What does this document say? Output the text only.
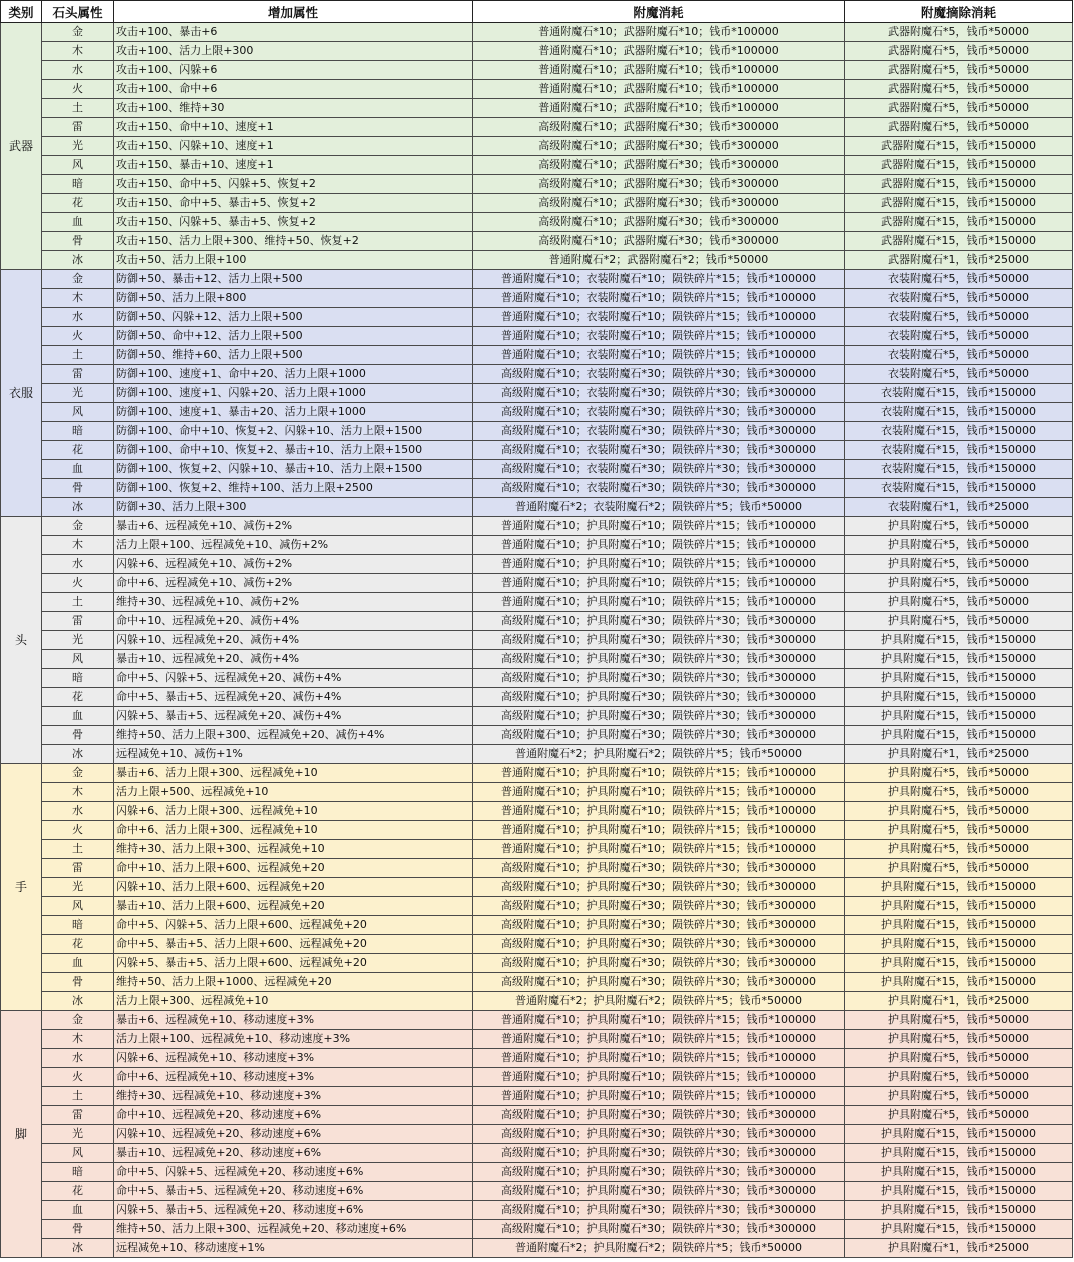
类别	石头属性	增加属性	附魔消耗	附魔摘除消耗
武器	金	攻击+100、暴击+6	普通附魔石*10；武器附魔石*10；钱币*100000	武器附魔石*5，钱币*50000
	木	攻击+100、活力上限+300	普通附魔石*10；武器附魔石*10；钱币*100000	武器附魔石*5，钱币*50000
	水	攻击+100、闪躲+6	普通附魔石*10；武器附魔石*10；钱币*100000	武器附魔石*5，钱币*50000
	火	攻击+100、命中+6	普通附魔石*10；武器附魔石*10；钱币*100000	武器附魔石*5，钱币*50000
	土	攻击+100、维持+30	普通附魔石*10；武器附魔石*10；钱币*100000	武器附魔石*5，钱币*50000
	雷	攻击+150、命中+10、速度+1	高级附魔石*10；武器附魔石*30；钱币*300000	武器附魔石*5，钱币*50000
	光	攻击+150、闪躲+10、速度+1	高级附魔石*10；武器附魔石*30；钱币*300000	武器附魔石*15，钱币*150000
	风	攻击+150、暴击+10、速度+1	高级附魔石*10；武器附魔石*30；钱币*300000	武器附魔石*15，钱币*150000
	暗	攻击+150、命中+5、闪躲+5、恢复+2	高级附魔石*10；武器附魔石*30；钱币*300000	武器附魔石*15，钱币*150000
	花	攻击+150、命中+5、暴击+5、恢复+2	高级附魔石*10；武器附魔石*30；钱币*300000	武器附魔石*15，钱币*150000
	血	攻击+150、闪躲+5、暴击+5、恢复+2	高级附魔石*10；武器附魔石*30；钱币*300000	武器附魔石*15，钱币*150000
	骨	攻击+150、活力上限+300、维持+50、恢复+2	高级附魔石*10；武器附魔石*30；钱币*300000	武器附魔石*15，钱币*150000
	冰	攻击+50、活力上限+100	普通附魔石*2；武器附魔石*2；钱币*50000	武器附魔石*1，钱币*25000
衣服	金	防御+50、暴击+12、活力上限+500	普通附魔石*10；衣装附魔石*10；陨铁碎片*15；钱币*100000	衣装附魔石*5，钱币*50000
	木	防御+50、活力上限+800	普通附魔石*10；衣装附魔石*10；陨铁碎片*15；钱币*100000	衣装附魔石*5，钱币*50000
	水	防御+50、闪躲+12、活力上限+500	普通附魔石*10；衣装附魔石*10；陨铁碎片*15；钱币*100000	衣装附魔石*5，钱币*50000
	火	防御+50、命中+12、活力上限+500	普通附魔石*10；衣装附魔石*10；陨铁碎片*15；钱币*100000	衣装附魔石*5，钱币*50000
	土	防御+50、维持+60、活力上限+500	普通附魔石*10；衣装附魔石*10；陨铁碎片*15；钱币*100000	衣装附魔石*5，钱币*50000
	雷	防御+100、速度+1、命中+20、活力上限+1000	高级附魔石*10；衣装附魔石*30；陨铁碎片*30；钱币*300000	衣装附魔石*5，钱币*50000
	光	防御+100、速度+1、闪躲+20、活力上限+1000	高级附魔石*10；衣装附魔石*30；陨铁碎片*30；钱币*300000	衣装附魔石*15，钱币*150000
	风	防御+100、速度+1、暴击+20、活力上限+1000	高级附魔石*10；衣装附魔石*30；陨铁碎片*30；钱币*300000	衣装附魔石*15，钱币*150000
	暗	防御+100、命中+10、恢复+2、闪躲+10、活力上限+1500	高级附魔石*10；衣装附魔石*30；陨铁碎片*30；钱币*300000	衣装附魔石*15，钱币*150000
	花	防御+100、命中+10、恢复+2、暴击+10、活力上限+1500	高级附魔石*10；衣装附魔石*30；陨铁碎片*30；钱币*300000	衣装附魔石*15，钱币*150000
	血	防御+100、恢复+2、闪躲+10、暴击+10、活力上限+1500	高级附魔石*10；衣装附魔石*30；陨铁碎片*30；钱币*300000	衣装附魔石*15，钱币*150000
	骨	防御+100、恢复+2、维持+100、活力上限+2500	高级附魔石*10；衣装附魔石*30；陨铁碎片*30；钱币*300000	衣装附魔石*15，钱币*150000
	冰	防御+30、活力上限+300	普通附魔石*2；衣装附魔石*2；陨铁碎片*5；钱币*50000	衣装附魔石*1，钱币*25000
头	金	暴击+6、远程减免+10、减伤+2%	普通附魔石*10；护具附魔石*10；陨铁碎片*15；钱币*100000	护具附魔石*5，钱币*50000
	木	活力上限+100、远程减免+10、减伤+2%	普通附魔石*10；护具附魔石*10；陨铁碎片*15；钱币*100000	护具附魔石*5，钱币*50000
	水	闪躲+6、远程减免+10、减伤+2%	普通附魔石*10；护具附魔石*10；陨铁碎片*15；钱币*100000	护具附魔石*5，钱币*50000
	火	命中+6、远程减免+10、减伤+2%	普通附魔石*10；护具附魔石*10；陨铁碎片*15；钱币*100000	护具附魔石*5，钱币*50000
	土	维持+30、远程减免+10、减伤+2%	普通附魔石*10；护具附魔石*10；陨铁碎片*15；钱币*100000	护具附魔石*5，钱币*50000
	雷	命中+10、远程减免+20、减伤+4%	高级附魔石*10；护具附魔石*30；陨铁碎片*30；钱币*300000	护具附魔石*5，钱币*50000
	光	闪躲+10、远程减免+20、减伤+4%	高级附魔石*10；护具附魔石*30；陨铁碎片*30；钱币*300000	护具附魔石*15，钱币*150000
	风	暴击+10、远程减免+20、减伤+4%	高级附魔石*10；护具附魔石*30；陨铁碎片*30；钱币*300000	护具附魔石*15，钱币*150000
	暗	命中+5、闪躲+5、远程减免+20、减伤+4%	高级附魔石*10；护具附魔石*30；陨铁碎片*30；钱币*300000	护具附魔石*15，钱币*150000
	花	命中+5、暴击+5、远程减免+20、减伤+4%	高级附魔石*10；护具附魔石*30；陨铁碎片*30；钱币*300000	护具附魔石*15，钱币*150000
	血	闪躲+5、暴击+5、远程减免+20、减伤+4%	高级附魔石*10；护具附魔石*30；陨铁碎片*30；钱币*300000	护具附魔石*15，钱币*150000
	骨	维持+50、活力上限+300、远程减免+20、减伤+4%	高级附魔石*10；护具附魔石*30；陨铁碎片*30；钱币*300000	护具附魔石*15，钱币*150000
	冰	远程减免+10、减伤+1%	普通附魔石*2；护具附魔石*2；陨铁碎片*5；钱币*50000	护具附魔石*1，钱币*25000
手	金	暴击+6、活力上限+300、远程减免+10	普通附魔石*10；护具附魔石*10；陨铁碎片*15；钱币*100000	护具附魔石*5，钱币*50000
	木	活力上限+500、远程减免+10	普通附魔石*10；护具附魔石*10；陨铁碎片*15；钱币*100000	护具附魔石*5，钱币*50000
	水	闪躲+6、活力上限+300、远程减免+10	普通附魔石*10；护具附魔石*10；陨铁碎片*15；钱币*100000	护具附魔石*5，钱币*50000
	火	命中+6、活力上限+300、远程减免+10	普通附魔石*10；护具附魔石*10；陨铁碎片*15；钱币*100000	护具附魔石*5，钱币*50000
	土	维持+30、活力上限+300、远程减免+10	普通附魔石*10；护具附魔石*10；陨铁碎片*15；钱币*100000	护具附魔石*5，钱币*50000
	雷	命中+10、活力上限+600、远程减免+20	高级附魔石*10；护具附魔石*30；陨铁碎片*30；钱币*300000	护具附魔石*5，钱币*50000
	光	闪躲+10、活力上限+600、远程减免+20	高级附魔石*10；护具附魔石*30；陨铁碎片*30；钱币*300000	护具附魔石*15，钱币*150000
	风	暴击+10、活力上限+600、远程减免+20	高级附魔石*10；护具附魔石*30；陨铁碎片*30；钱币*300000	护具附魔石*15，钱币*150000
	暗	命中+5、闪躲+5、活力上限+600、远程减免+20	高级附魔石*10；护具附魔石*30；陨铁碎片*30；钱币*300000	护具附魔石*15，钱币*150000
	花	命中+5、暴击+5、活力上限+600、远程减免+20	高级附魔石*10；护具附魔石*30；陨铁碎片*30；钱币*300000	护具附魔石*15，钱币*150000
	血	闪躲+5、暴击+5、活力上限+600、远程减免+20	高级附魔石*10；护具附魔石*30；陨铁碎片*30；钱币*300000	护具附魔石*15，钱币*150000
	骨	维持+50、活力上限+1000、远程减免+20	高级附魔石*10；护具附魔石*30；陨铁碎片*30；钱币*300000	护具附魔石*15，钱币*150000
	冰	活力上限+300、远程减免+10	普通附魔石*2；护具附魔石*2；陨铁碎片*5；钱币*50000	护具附魔石*1，钱币*25000
脚	金	暴击+6、远程减免+10、移动速度+3%	普通附魔石*10；护具附魔石*10；陨铁碎片*15；钱币*100000	护具附魔石*5，钱币*50000
	木	活力上限+100、远程减免+10、移动速度+3%	普通附魔石*10；护具附魔石*10；陨铁碎片*15；钱币*100000	护具附魔石*5，钱币*50000
	水	闪躲+6、远程减免+10、移动速度+3%	普通附魔石*10；护具附魔石*10；陨铁碎片*15；钱币*100000	护具附魔石*5，钱币*50000
	火	命中+6、远程减免+10、移动速度+3%	普通附魔石*10；护具附魔石*10；陨铁碎片*15；钱币*100000	护具附魔石*5，钱币*50000
	土	维持+30、远程减免+10、移动速度+3%	普通附魔石*10；护具附魔石*10；陨铁碎片*15；钱币*100000	护具附魔石*5，钱币*50000
	雷	命中+10、远程减免+20、移动速度+6%	高级附魔石*10；护具附魔石*30；陨铁碎片*30；钱币*300000	护具附魔石*5，钱币*50000
	光	闪躲+10、远程减免+20、移动速度+6%	高级附魔石*10；护具附魔石*30；陨铁碎片*30；钱币*300000	护具附魔石*15，钱币*150000
	风	暴击+10、远程减免+20、移动速度+6%	高级附魔石*10；护具附魔石*30；陨铁碎片*30；钱币*300000	护具附魔石*15，钱币*150000
	暗	命中+5、闪躲+5、远程减免+20、移动速度+6%	高级附魔石*10；护具附魔石*30；陨铁碎片*30；钱币*300000	护具附魔石*15，钱币*150000
	花	命中+5、暴击+5、远程减免+20、移动速度+6%	高级附魔石*10；护具附魔石*30；陨铁碎片*30；钱币*300000	护具附魔石*15，钱币*150000
	血	闪躲+5、暴击+5、远程减免+20、移动速度+6%	高级附魔石*10；护具附魔石*30；陨铁碎片*30；钱币*300000	护具附魔石*15，钱币*150000
	骨	维持+50、活力上限+300、远程减免+20、移动速度+6%	高级附魔石*10；护具附魔石*30；陨铁碎片*30；钱币*300000	护具附魔石*15，钱币*150000
	冰	远程减免+10、移动速度+1%	普通附魔石*2；护具附魔石*2；陨铁碎片*5；钱币*50000	护具附魔石*1，钱币*25000
